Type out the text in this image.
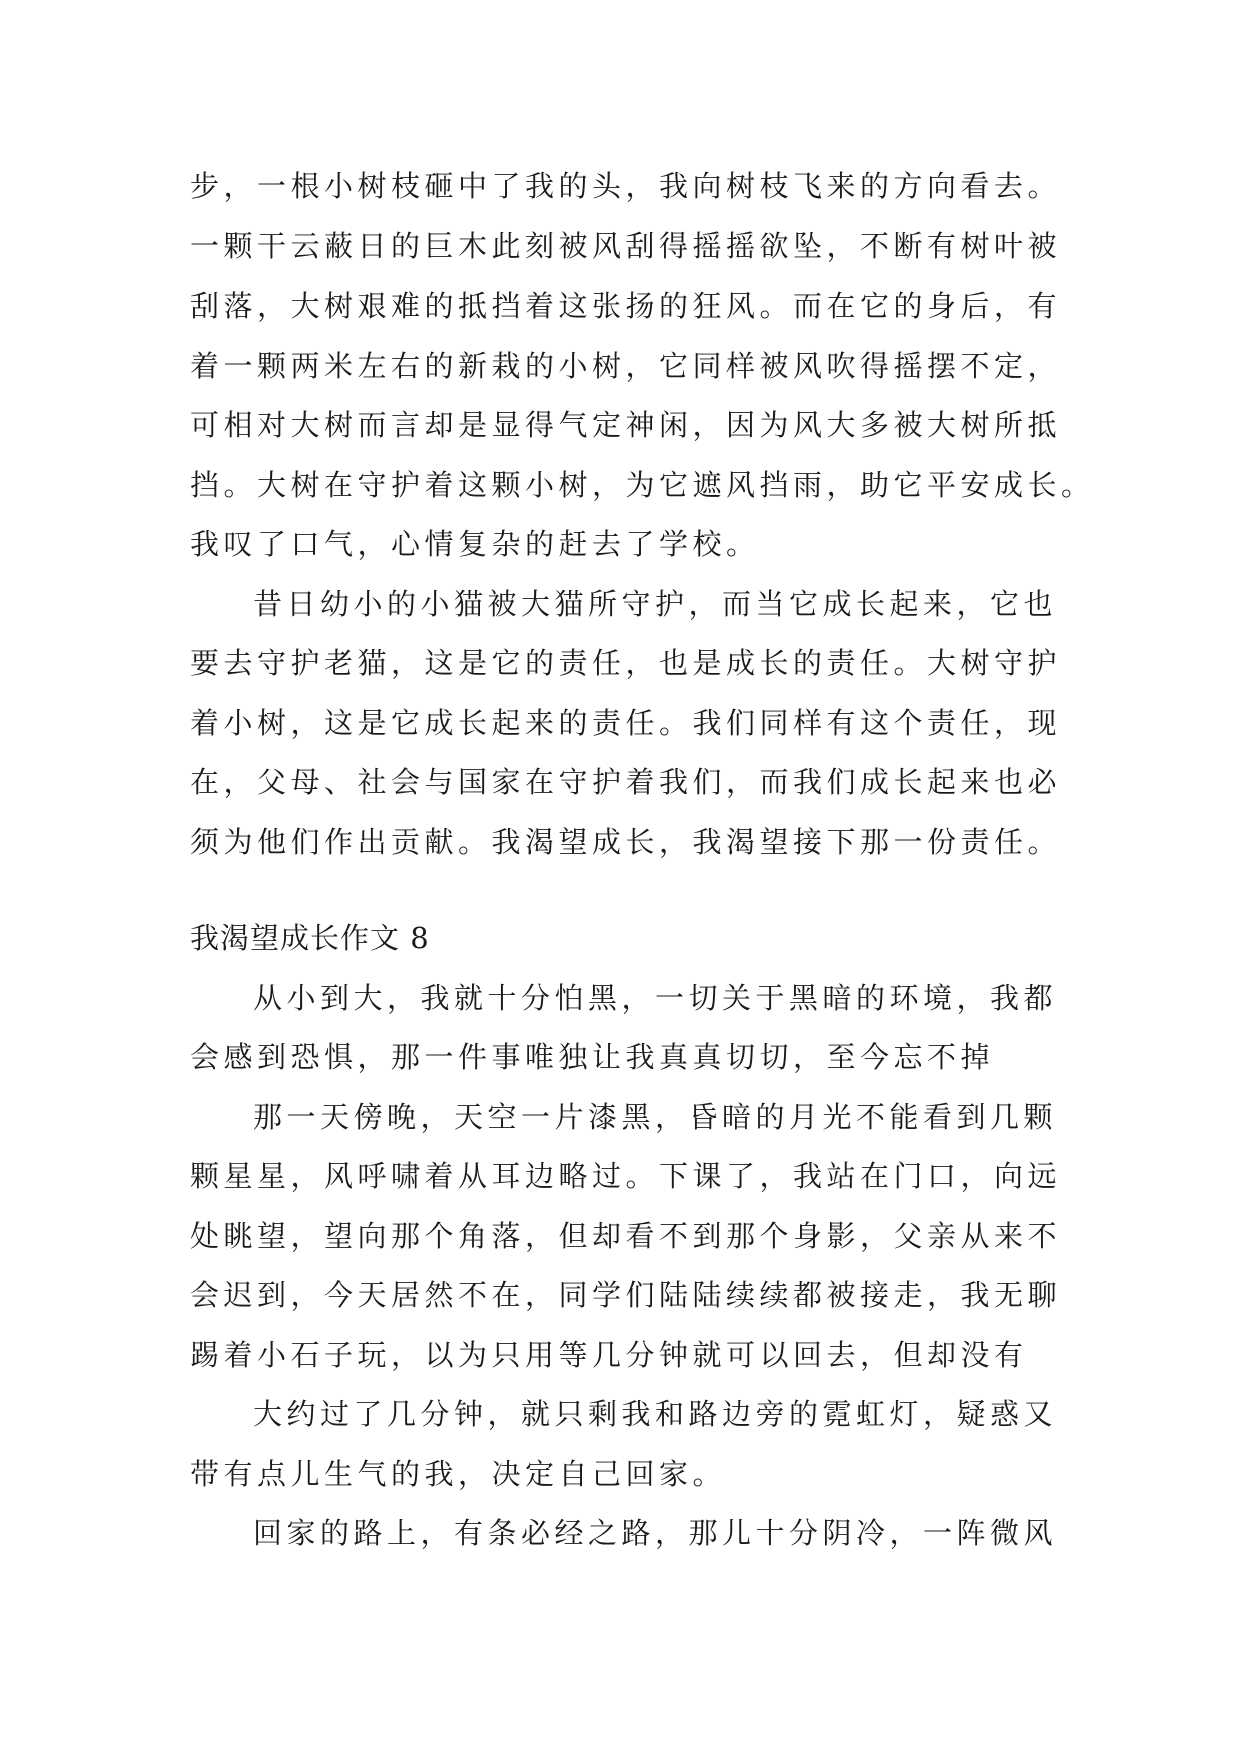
步，一根小树枝砸中了我的头，我向树枝飞来的方向看去。
一颗干云蔽日的巨木此刻被风刮得摇摇欲坠，不断有树叶被
刮落，大树艰难的抵挡着这张扬的狂风。而在它的身后，有
着一颗两米左右的新栽的小树，它同样被风吹得摇摆不定，
可相对大树而言却是显得气定神闲，因为风大多被大树所抵
挡。大树在守护着这颗小树，为它遮风挡雨，助它平安成长。
我叹了口气，心情复杂的赶去了学校。
昔日幼小的小猫被大猫所守护，而当它成长起来，它也
要去守护老猫，这是它的责任，也是成长的责任。大树守护
着小树，这是它成长起来的责任。我们同样有这个责任，现
在，父母、社会与国家在守护着我们，而我们成长起来也必
须为他们作出贡献。我渴望成长，我渴望接下那一份责任。
我渴望成长作文 8
从小到大，我就十分怕黑，一切关于黑暗的环境，我都
会感到恐惧，那一件事唯独让我真真切切，至今忘不掉
那一天傍晚，天空一片漆黑，昏暗的月光不能看到几颗
颗星星，风呼啸着从耳边略过。下课了，我站在门口，向远
处眺望，望向那个角落，但却看不到那个身影，父亲从来不
会迟到，今天居然不在，同学们陆陆续续都被接走，我无聊
踢着小石子玩，以为只用等几分钟就可以回去，但却没有
大约过了几分钟，就只剩我和路边旁的霓虹灯，疑惑又
带有点儿生气的我，决定自己回家。
回家的路上，有条必经之路，那儿十分阴冷，一阵微风
